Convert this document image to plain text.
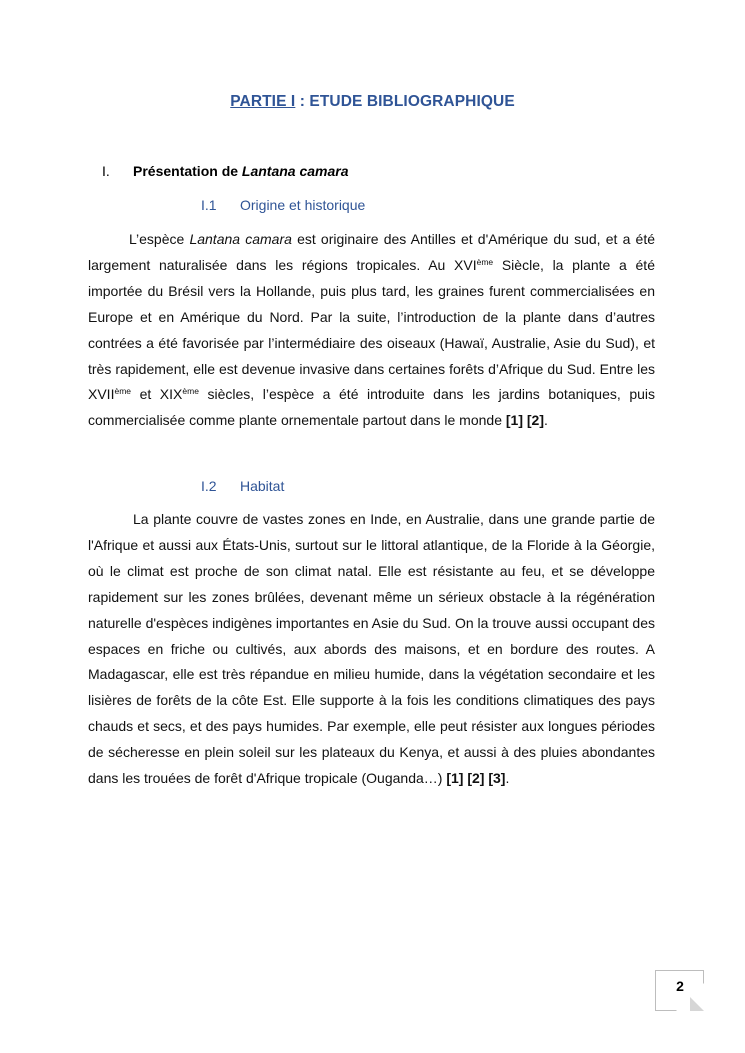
PARTIE I : ETUDE BIBLIOGRAPHIQUE
I. Présentation de Lantana camara
I.1 Origine et historique

L’espèce Lantana camara est originaire des Antilles et d'Amérique du sud, et a été largement naturalisée dans les régions tropicales. Au XVIème Siècle, la plante a été importée du Brésil vers la Hollande, puis plus tard, les graines furent commercialisées en Europe et en Amérique du Nord. Par la suite, l’introduction de la plante dans d’autres contrées a été favorisée par l’intermédiaire des oiseaux (Hawaï, Australie, Asie du Sud), et très rapidement, elle est devenue invasive dans certaines forêts d’Afrique du Sud. Entre les XVIIème et XIXème siècles, l’espèce a été introduite dans les jardins botaniques, puis commercialisée comme plante ornementale partout dans le monde [1] [2].

I.2 Habitat

La plante couvre de vastes zones en Inde, en Australie, dans une grande partie de l'Afrique et aussi aux États-Unis, surtout sur le littoral atlantique, de la Floride à la Géorgie, où le climat est proche de son climat natal. Elle est résistante au feu, et se développe rapidement sur les zones brûlées, devenant même un sérieux obstacle à la régénération naturelle d'espèces indigènes importantes en Asie du Sud. On la trouve aussi occupant des espaces en friche ou cultivés, aux abords des maisons, et en bordure des routes. A Madagascar, elle est très répandue en milieu humide, dans la végétation secondaire et les lisières de forêts de la côte Est. Elle supporte à la fois les conditions climatiques des pays chauds et secs, et des pays humides. Par exemple, elle peut résister aux longues périodes de sécheresse en plein soleil sur les plateaux du Kenya, et aussi à des pluies abondantes dans les trouées de forêt d'Afrique tropicale (Ouganda…) [1] [2] [3].

2
